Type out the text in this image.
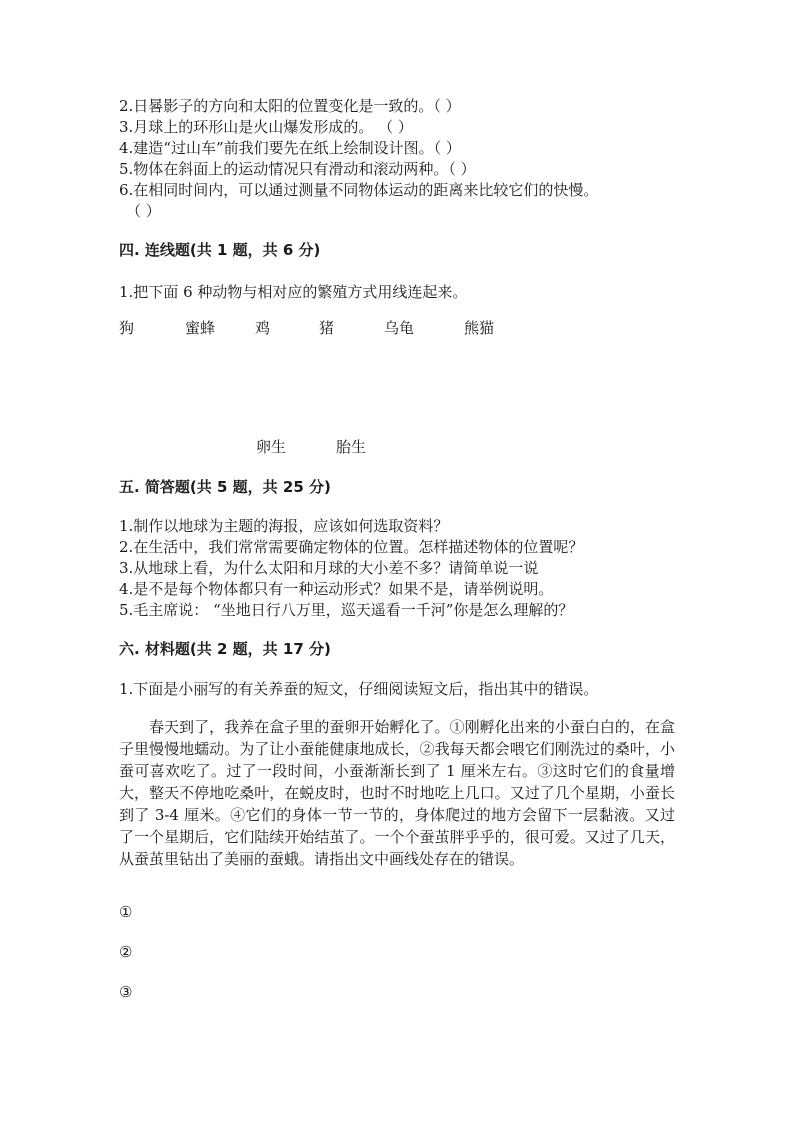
2.日晷影子的方向和太阳的位置变化是一致的。（ ）
3.月球上的环形山是火山爆发形成的。 （ ）
4.建造“过山车”前我们要先在纸上绘制设计图。（ ）
5.物体在斜面上的运动情况只有滑动和滚动两种。（ ）
6.在相同时间内，可以通过测量不同物体运动的距离来比较它们的快慢。
（ ）
四. 连线题(共 1 题，共 6 分)
1.把下面 6 种动物与相对应的繁殖方式用线连起来。
狗	蜜蜂	鸡	猪	乌龟	熊猫
卵生	胎生
五. 简答题(共 5 题，共 25 分)
1.制作以地球为主题的海报，应该如何选取资料？
2.在生活中，我们常常需要确定物体的位置。怎样描述物体的位置呢？
3.从地球上看，为什么太阳和月球的大小差不多？请简单说一说
4.是不是每个物体都只有一种运动形式？如果不是，请举例说明。
5.毛主席说： “坐地日行八万里，巡天遥看一千河”你是怎么理解的？
六. 材料题(共 2 题，共 17 分)
1.下面是小丽写的有关养蚕的短文，仔细阅读短文后，指出其中的错误。

春天到了，我养在盒子里的蚕卵开始孵化了。①刚孵化出来的小蚕白白的，在盒子里慢慢地蠕动。为了让小蚕能健康地成长，②我每天都会喂它们刚洗过的桑叶，小蚕可喜欢吃了。过了一段时间，小蚕渐渐长到了 1 厘米左右。③这时它们的食量增大，整天不停地吃桑叶，在蜕皮时，也时不时地吃上几口。又过了几个星期，小蚕长到了 3-4 厘米。④它们的身体一节一节的，身体爬过的地方会留下一层黏液。又过了一个星期后，它们陆续开始结茧了。一个个蚕茧胖乎乎的，很可爱。又过了几天，从蚕茧里钻出了美丽的蚕蛾。请指出文中画线处存在的错误。

①
②
③
